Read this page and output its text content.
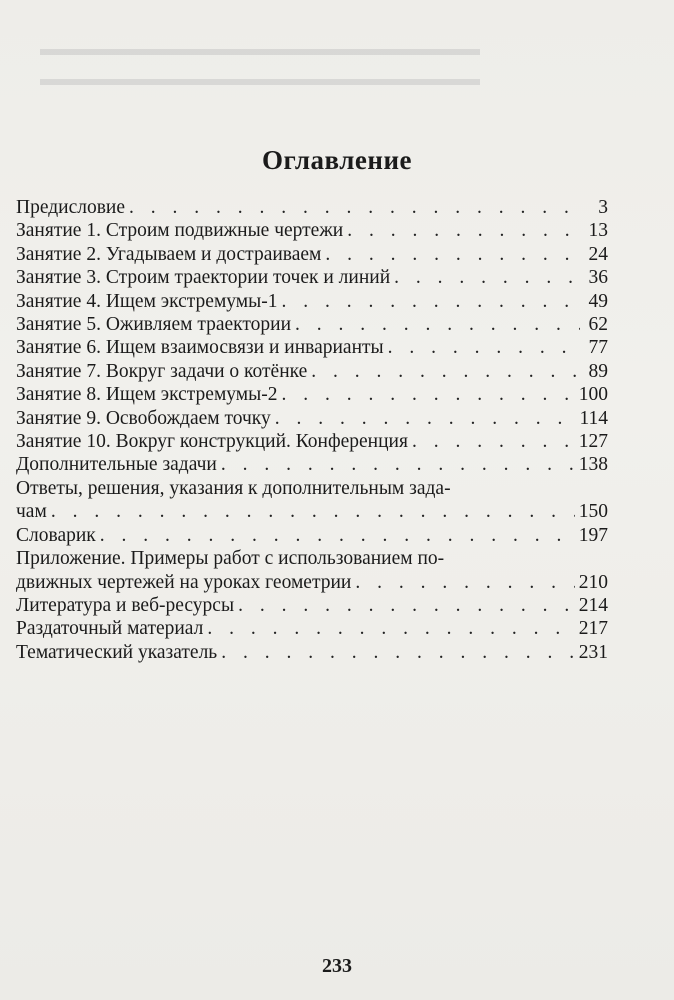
▬▬▬▬▬▬▬▬▬▬▬▬▬▬▬▬▬▬▬▬▬▬
▬▬▬▬▬▬▬▬▬▬▬▬▬▬▬▬▬▬▬▬▬▬
Оглавление
Предисловие . . .	3
Занятие 1. Строим подвижные чертежи . . .	13
Занятие 2. Угадываем и достраиваем . . .	24
Занятие 3. Строим траектории точек и линий . . .	36
Занятие 4. Ищем экстремумы-1 . . .	49
Занятие 5. Оживляем траектории . . .	62
Занятие 6. Ищем взаимосвязи и инварианты . . .	77
Занятие 7. Вокруг задачи о котёнке . . .	89
Занятие 8. Ищем экстремумы-2 . . .	100
Занятие 9. Освобождаем точку . . .	114
Занятие 10. Вокруг конструкций. Конференция . . .	127
Дополнительные задачи . . .	138
Ответы, решения, указания к дополнительным зада-
чам . . .	150
Словарик . . .	197
Приложение. Примеры работ с использованием по-
движных чертежей на уроках геометрии . . .	210
Литература и веб-ресурсы . . .	214
Раздаточный материал . . .	217
Тематический указатель . . .	231
233
